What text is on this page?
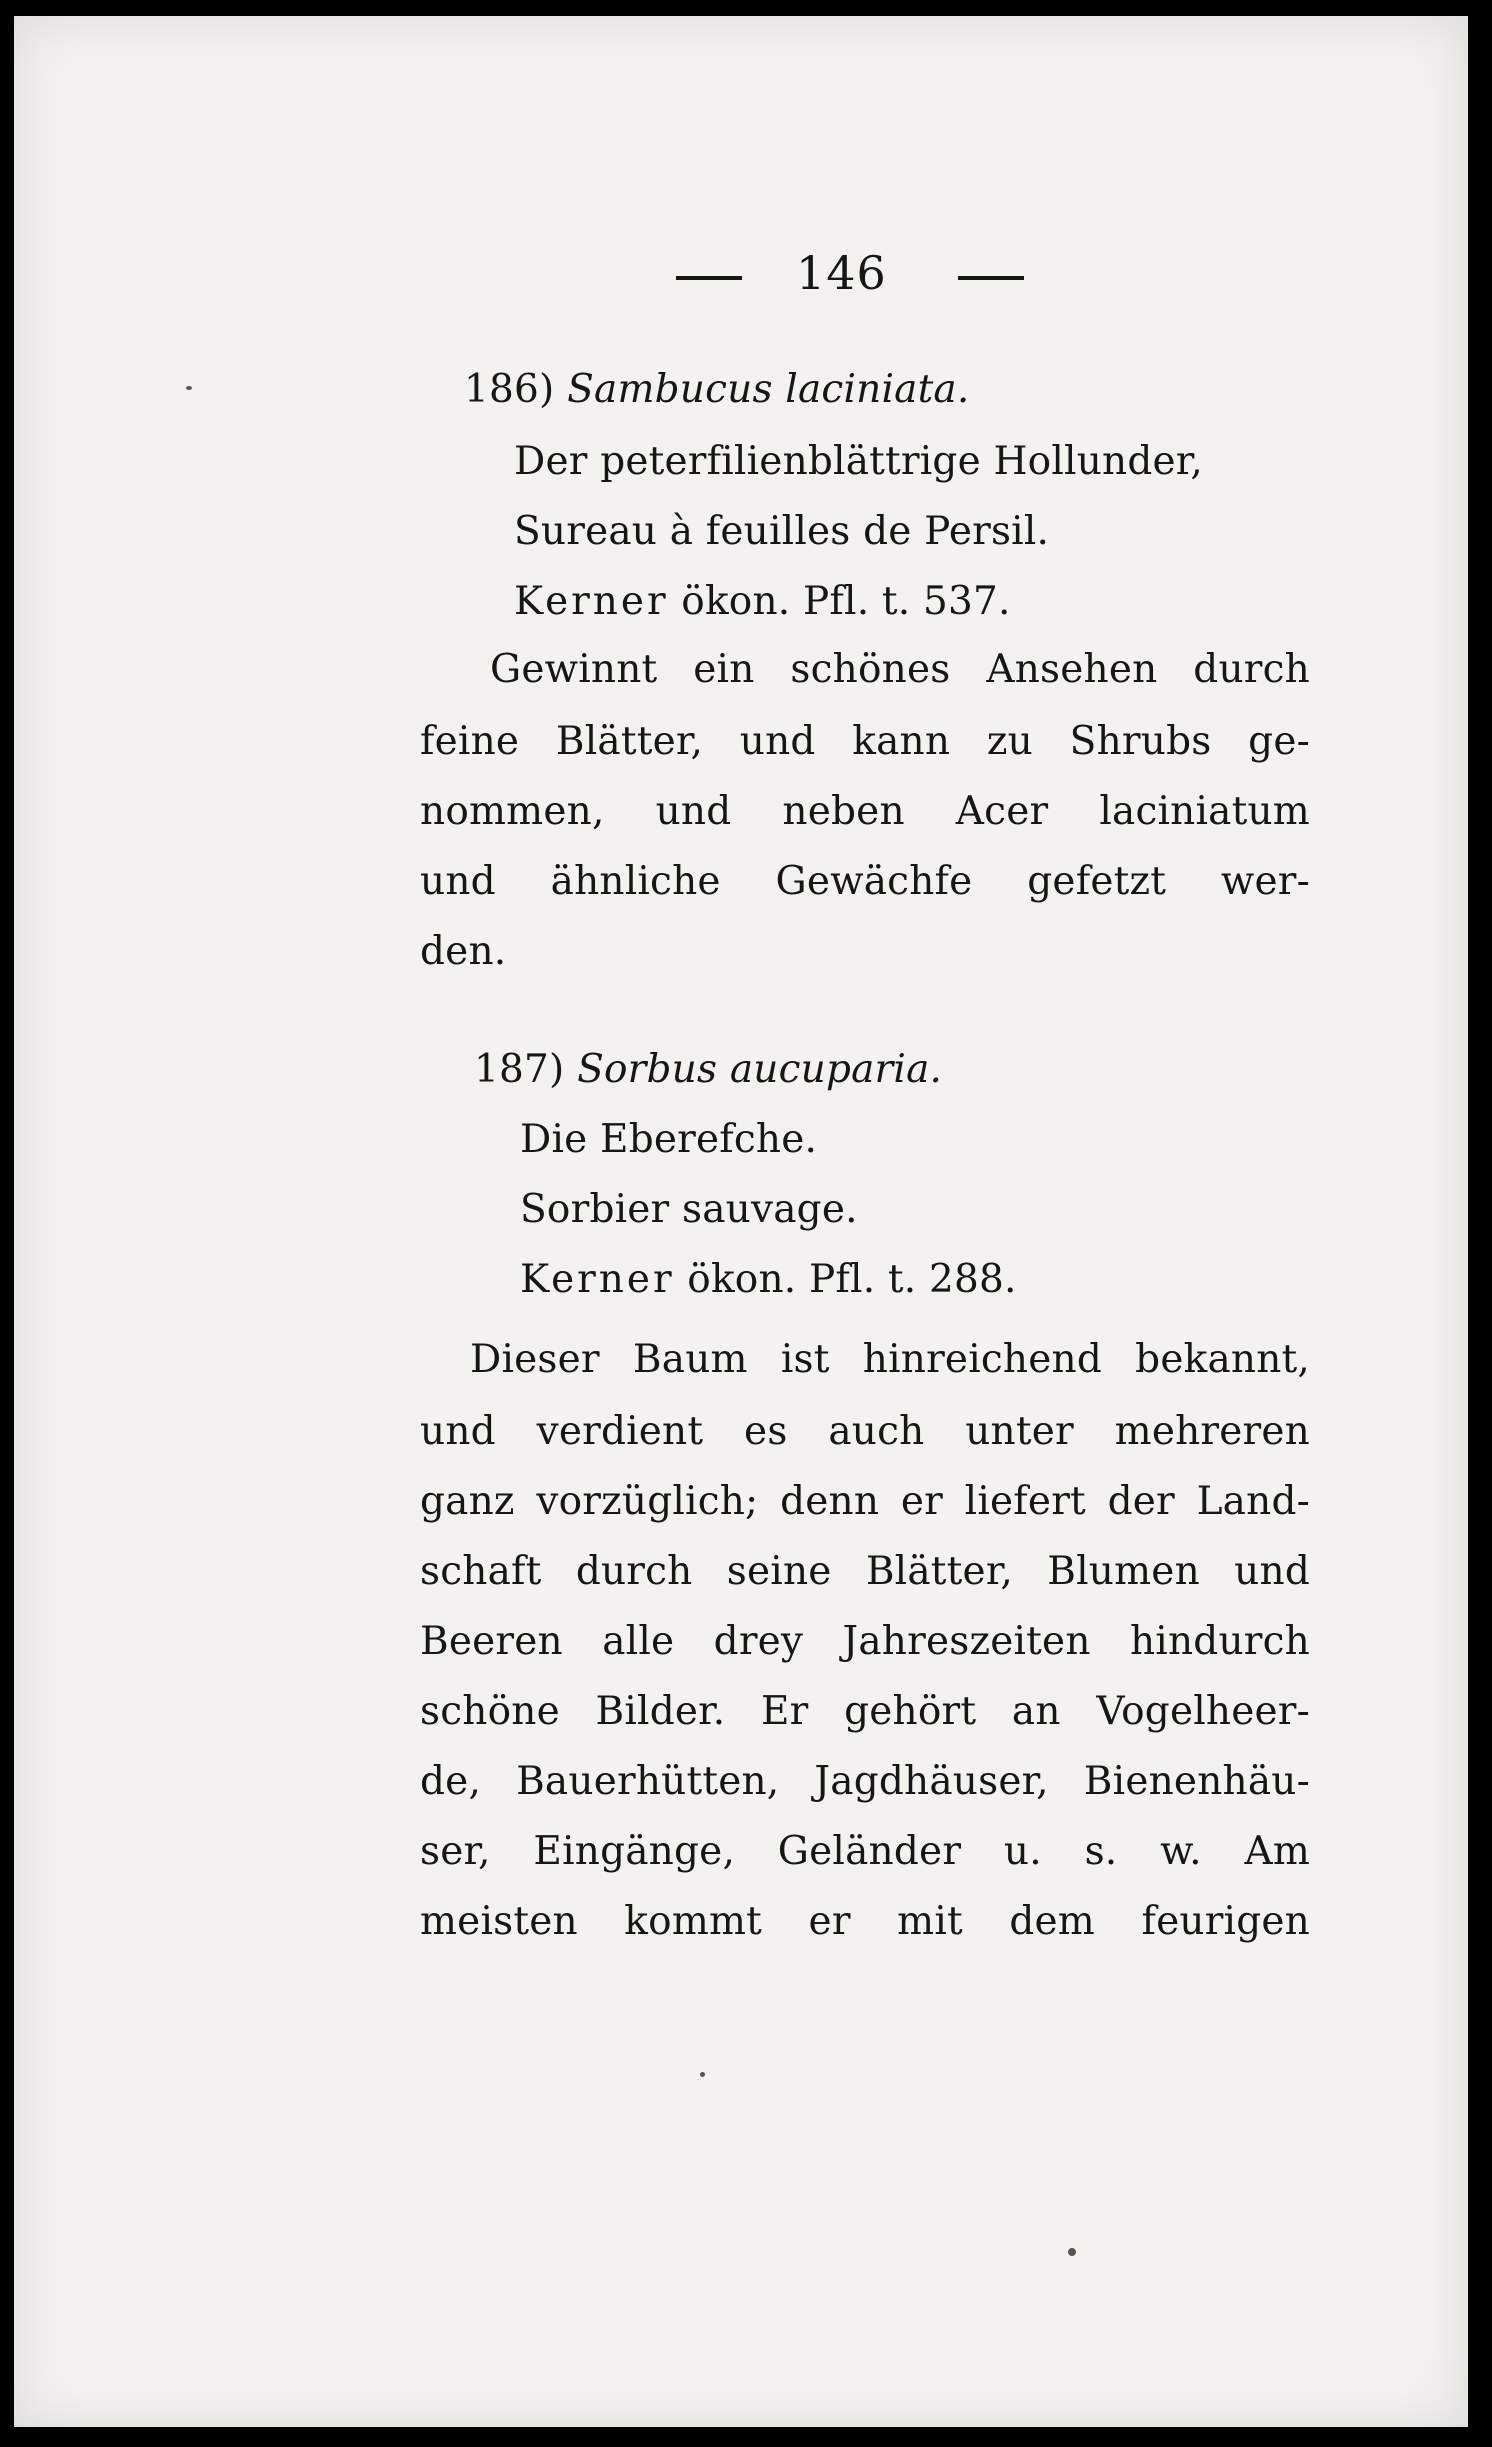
146
186) Sambucus laciniata.
Der peterfilienblättrige Hollunder,
Sureau à feuilles de Persil.
Kerner ökon. Pfl. t. 537.
Gewinnt ein schönes Ansehen durch
feine Blätter, und kann zu Shrubs ge-
nommen, und neben Acer laciniatum
und ähnliche Gewächfe gefetzt wer-
den.
187) Sorbus aucuparia.
Die Eberefche.
Sorbier sauvage.
Kerner ökon. Pfl. t. 288.
Dieser Baum ist hinreichend bekannt,
und verdient es auch unter mehreren
ganz vorzüglich; denn er liefert der Land-
schaft durch seine Blätter, Blumen und
Beeren alle drey Jahreszeiten hindurch
schöne Bilder. Er gehört an Vogelheer-
de, Bauerhütten, Jagdhäuser, Bienenhäu-
ser, Eingänge, Geländer u. s. w. Am
meisten kommt er mit dem feurigen
